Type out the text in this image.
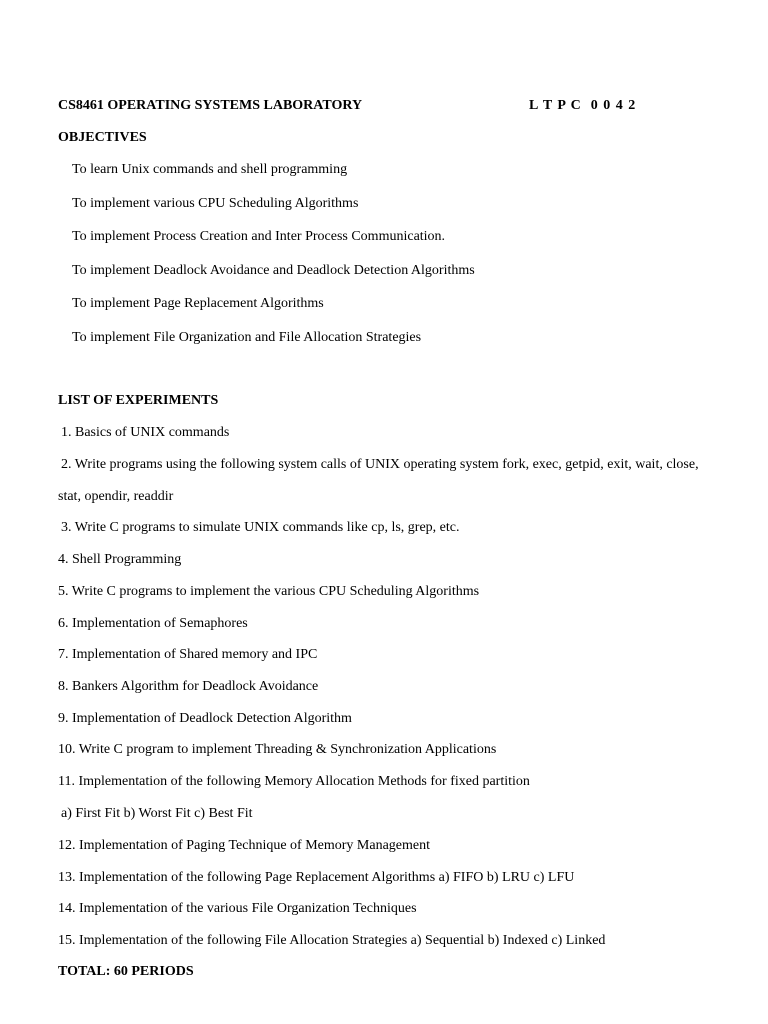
CS8461 OPERATING SYSTEMS LABORATORY	L T P C  0 0 4 2
OBJECTIVES
To learn Unix commands and shell programming
To implement various CPU Scheduling Algorithms
To implement Process Creation and Inter Process Communication.
To implement Deadlock Avoidance and Deadlock Detection Algorithms
To implement Page Replacement Algorithms
To implement File Organization and File Allocation Strategies
LIST OF EXPERIMENTS
1. Basics of UNIX commands
2. Write programs using the following system calls of UNIX operating system fork, exec, getpid, exit, wait, close,
stat, opendir, readdir
3. Write C programs to simulate UNIX commands like cp, ls, grep, etc.
4. Shell Programming
5. Write C programs to implement the various CPU Scheduling Algorithms
6. Implementation of Semaphores
7. Implementation of Shared memory and IPC
8. Bankers Algorithm for Deadlock Avoidance
9. Implementation of Deadlock Detection Algorithm
10. Write C program to implement Threading & Synchronization Applications
11. Implementation of the following Memory Allocation Methods for fixed partition
a) First Fit b) Worst Fit c) Best Fit
12. Implementation of Paging Technique of Memory Management
13. Implementation of the following Page Replacement Algorithms a) FIFO b) LRU c) LFU
14. Implementation of the various File Organization Techniques
15. Implementation of the following File Allocation Strategies a) Sequential b) Indexed c) Linked
TOTAL: 60 PERIODS
